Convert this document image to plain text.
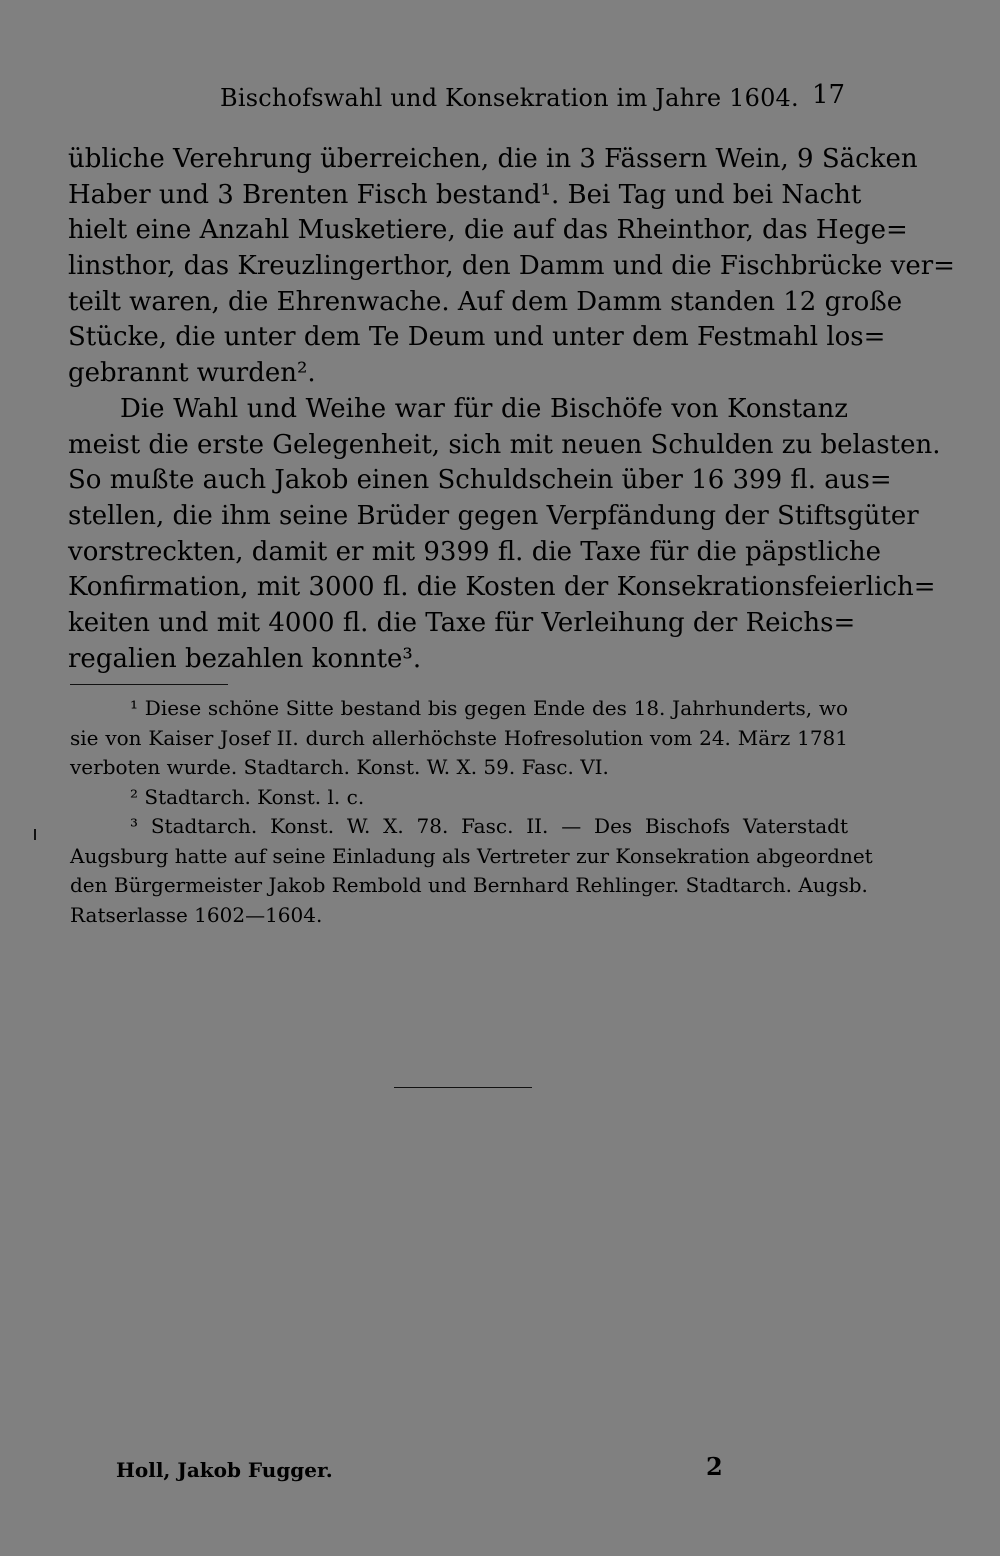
Bischofswahl und Konsekration im Jahre 1604. 17
übliche Verehrung überreichen, die in 3 Fässern Wein, 9 Säcken
Haber und 3 Brenten Fisch bestand¹. Bei Tag und bei Nacht
hielt eine Anzahl Musketiere, die auf das Rheinthor, das Hege=
linsthor, das Kreuzlingerthor, den Damm und die Fischbrücke ver=
teilt waren, die Ehrenwache. Auf dem Damm standen 12 große
Stücke, die unter dem Te Deum und unter dem Festmahl los=
gebrannt wurden².
Die Wahl und Weihe war für die Bischöfe von Konstanz
meist die erste Gelegenheit, sich mit neuen Schulden zu belasten.
So mußte auch Jakob einen Schuldschein über 16 399 fl. aus=
stellen, die ihm seine Brüder gegen Verpfändung der Stiftsgüter
vorstreckten, damit er mit 9399 fl. die Taxe für die päpstliche
Konfirmation, mit 3000 fl. die Kosten der Konsekrationsfeierlich=
keiten und mit 4000 fl. die Taxe für Verleihung der Reichs=
regalien bezahlen konnte³.
¹ Diese schöne Sitte bestand bis gegen Ende des 18. Jahrhunderts, wo
sie von Kaiser Josef II. durch allerhöchste Hofresolution vom 24. März 1781
verboten wurde. Stadtarch. Konst. W. X. 59. Fasc. VI.
² Stadtarch. Konst. l. c.
³ Stadtarch. Konst. W. X. 78. Fasc. II. — Des Bischofs Vaterstadt
Augsburg hatte auf seine Einladung als Vertreter zur Konsekration abgeordnet
den Bürgermeister Jakob Rembold und Bernhard Rehlinger. Stadtarch. Augsb.
Ratserlasse 1602—1604.
Holl, Jakob Fugger.	2
